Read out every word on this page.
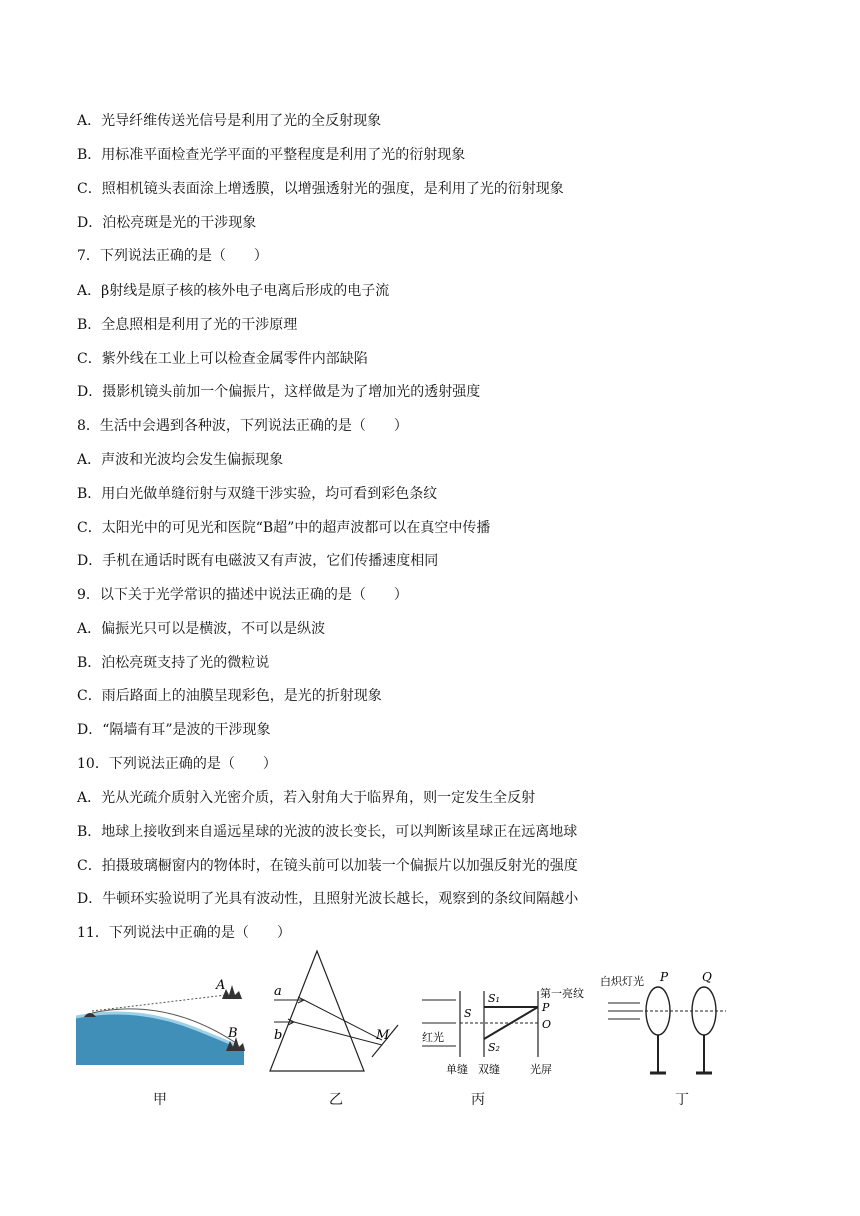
A．光导纤维传送光信号是利用了光的全反射现象
B．用标准平面检查光学平面的平整程度是利用了光的衍射现象
C．照相机镜头表面涂上增透膜，以增强透射光的强度，是利用了光的衍射现象
D．泊松亮斑是光的干涉现象
7．下列说法正确的是（　　）
A．β射线是原子核的核外电子电离后形成的电子流
B．全息照相是利用了光的干涉原理
C．紫外线在工业上可以检查金属零件内部缺陷
D．摄影机镜头前加一个偏振片，这样做是为了增加光的透射强度
8．生活中会遇到各种波，下列说法正确的是（　　）
A．声波和光波均会发生偏振现象
B．用白光做单缝衍射与双缝干涉实验，均可看到彩色条纹
C．太阳光中的可见光和医院“B超”中的超声波都可以在真空中传播
D．手机在通话时既有电磁波又有声波，它们传播速度相同
9．以下关于光学常识的描述中说法正确的是（　　）
A．偏振光只可以是横波，不可以是纵波
B．泊松亮斑支持了光的微粒说
C．雨后路面上的油膜呈现彩色，是光的折射现象
D．“隔墙有耳”是波的干涉现象
10．下列说法正确的是（　　）
A．光从光疏介质射入光密介质，若入射角大于临界角，则一定发生全反射
B．地球上接收到来自遥远星球的光波的波长变长，可以判断该星球正在远离地球
C．拍摄玻璃橱窗内的物体时，在镜头前可以加装一个偏振片以加强反射光的强度
D．牛顿环实验说明了光具有波动性，且照射光波长越长，观察到的条纹间隔越小
11．下列说法中正确的是（　　）
A
B
甲
a
b	M
乙
S
S₁
S₂
P
O
第一亮纹
红光
单缝 双缝	光屏
丙
白炽灯光 P	Q
丁
